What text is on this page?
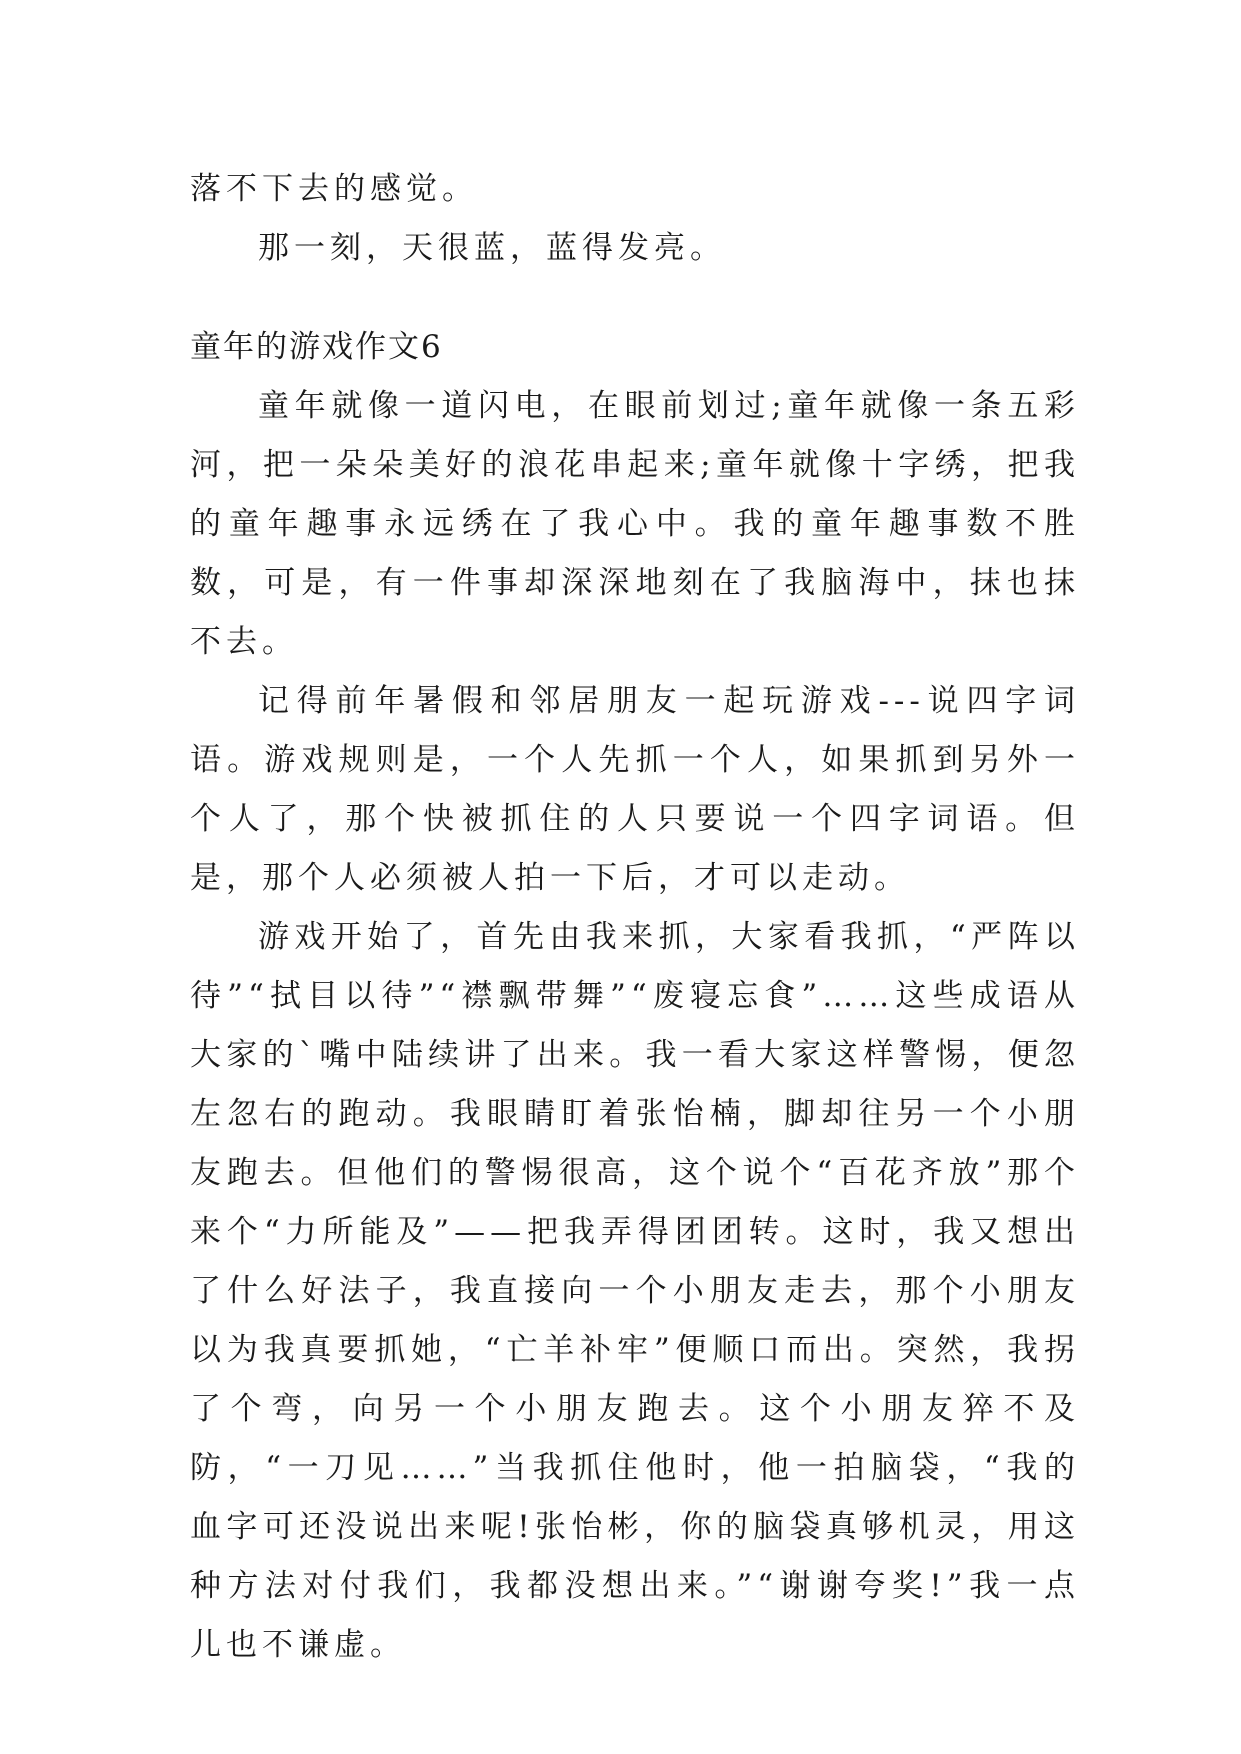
落不下去的感觉。

那一刻，天很蓝，蓝得发亮。

童年的游戏作文6

童年就像一道闪电，在眼前划过;童年就像一条五彩河，把一朵朵美好的浪花串起来;童年就像十字绣，把我的童年趣事永远绣在了我心中。我的童年趣事数不胜数，可是，有一件事却深深地刻在了我脑海中，抹也抹不去。

记得前年暑假和邻居朋友一起玩游戏---说四字词语。游戏规则是，一个人先抓一个人，如果抓到另外一个人了，那个快被抓住的人只要说一个四字词语。但是，那个人必须被人拍一下后，才可以走动。

游戏开始了，首先由我来抓，大家看我抓，“严阵以待”“拭目以待”“襟飘带舞”“废寝忘食”……这些成语从大家的`嘴中陆续讲了出来。我一看大家这样警惕，便忽左忽右的跑动。我眼睛盯着张怡楠，脚却往另一个小朋友跑去。但他们的警惕很高，这个说个“百花齐放”那个来个“力所能及”——把我弄得团团转。这时，我又想出了什么好法子，我直接向一个小朋友走去，那个小朋友以为我真要抓她，“亡羊补牢”便顺口而出。突然，我拐了个弯，向另一个小朋友跑去。这个小朋友猝不及防，“一刀见……”当我抓住他时，他一拍脑袋，“我的血字可还没说出来呢!张怡彬，你的脑袋真够机灵，用这种方法对付我们，我都没想出来。”“谢谢夸奖!”我一点儿也不谦虚。
